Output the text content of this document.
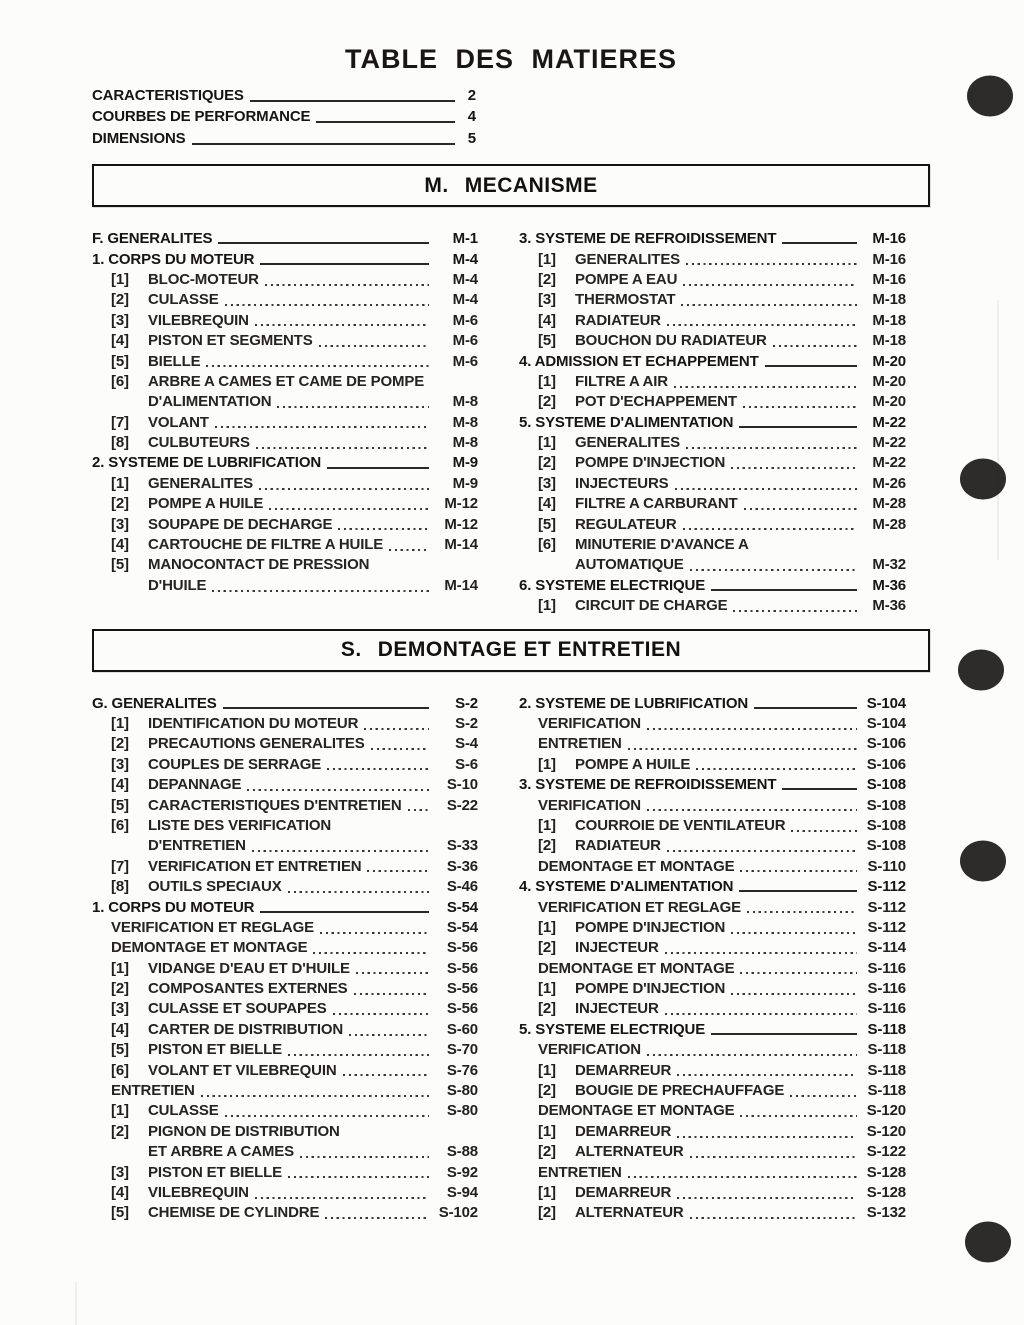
TABLE DES MATIERES
CARACTERISTIQUES	2
COURBES DE PERFORMANCE	4
DIMENSIONS	5
M. MECANISME
F. GENERALITES	M-1
1. CORPS DU MOTEUR	M-4
[1]	BLOC-MOTEUR	M-4
[2]	CULASSE	M-4
[3]	VILEBREQUIN	M-6
[4]	PISTON ET SEGMENTS	M-6
[5]	BIELLE	M-6
[6]	ARBRE A CAMES ET CAME DE POMPE
D'ALIMENTATION	M-8
[7]	VOLANT	M-8
[8]	CULBUTEURS	M-8
2. SYSTEME DE LUBRIFICATION	M-9
[1]	GENERALITES	M-9
[2]	POMPE A HUILE	M-12
[3]	SOUPAPE DE DECHARGE	M-12
[4]	CARTOUCHE DE FILTRE A HUILE	M-14
[5]	MANOCONTACT DE PRESSION
D'HUILE	M-14
3. SYSTEME DE REFROIDISSEMENT	M-16
[1]	GENERALITES	M-16
[2]	POMPE A EAU	M-16
[3]	THERMOSTAT	M-18
[4]	RADIATEUR	M-18
[5]	BOUCHON DU RADIATEUR	M-18
4. ADMISSION ET ECHAPPEMENT	M-20
[1]	FILTRE A AIR	M-20
[2]	POT D'ECHAPPEMENT	M-20
5. SYSTEME D'ALIMENTATION	M-22
[1]	GENERALITES	M-22
[2]	POMPE D'INJECTION	M-22
[3]	INJECTEURS	M-26
[4]	FILTRE A CARBURANT	M-28
[5]	REGULATEUR	M-28
[6]	MINUTERIE D'AVANCE A
AUTOMATIQUE	M-32
6. SYSTEME ELECTRIQUE	M-36
[1]	CIRCUIT DE CHARGE	M-36
S. DEMONTAGE ET ENTRETIEN
G. GENERALITES	S-2
[1]	IDENTIFICATION DU MOTEUR	S-2
[2]	PRECAUTIONS GENERALITES	S-4
[3]	COUPLES DE SERRAGE	S-6
[4]	DEPANNAGE	S-10
[5]	CARACTERISTIQUES D'ENTRETIEN	S-22
[6]	LISTE DES VERIFICATION
D'ENTRETIEN	S-33
[7]	VERIFICATION ET ENTRETIEN	S-36
[8]	OUTILS SPECIAUX	S-46
1. CORPS DU MOTEUR	S-54
VERIFICATION ET REGLAGE	S-54
DEMONTAGE ET MONTAGE	S-56
[1]	VIDANGE D'EAU ET D'HUILE	S-56
[2]	COMPOSANTES EXTERNES	S-56
[3]	CULASSE ET SOUPAPES	S-56
[4]	CARTER DE DISTRIBUTION	S-60
[5]	PISTON ET BIELLE	S-70
[6]	VOLANT ET VILEBREQUIN	S-76
ENTRETIEN	S-80
[1]	CULASSE	S-80
[2]	PIGNON DE DISTRIBUTION
ET ARBRE A CAMES	S-88
[3]	PISTON ET BIELLE	S-92
[4]	VILEBREQUIN	S-94
[5]	CHEMISE DE CYLINDRE	S-102
2. SYSTEME DE LUBRIFICATION	S-104
VERIFICATION	S-104
ENTRETIEN	S-106
[1]	POMPE A HUILE	S-106
3. SYSTEME DE REFROIDISSEMENT	S-108
VERIFICATION	S-108
[1]	COURROIE DE VENTILATEUR	S-108
[2]	RADIATEUR	S-108
DEMONTAGE ET MONTAGE	S-110
4. SYSTEME D'ALIMENTATION	S-112
VERIFICATION ET REGLAGE	S-112
[1]	POMPE D'INJECTION	S-112
[2]	INJECTEUR	S-114
DEMONTAGE ET MONTAGE	S-116
[1]	POMPE D'INJECTION	S-116
[2]	INJECTEUR	S-116
5. SYSTEME ELECTRIQUE	S-118
VERIFICATION	S-118
[1]	DEMARREUR	S-118
[2]	BOUGIE DE PRECHAUFFAGE	S-118
DEMONTAGE ET MONTAGE	S-120
[1]	DEMARREUR	S-120
[2]	ALTERNATEUR	S-122
ENTRETIEN	S-128
[1]	DEMARREUR	S-128
[2]	ALTERNATEUR	S-132
